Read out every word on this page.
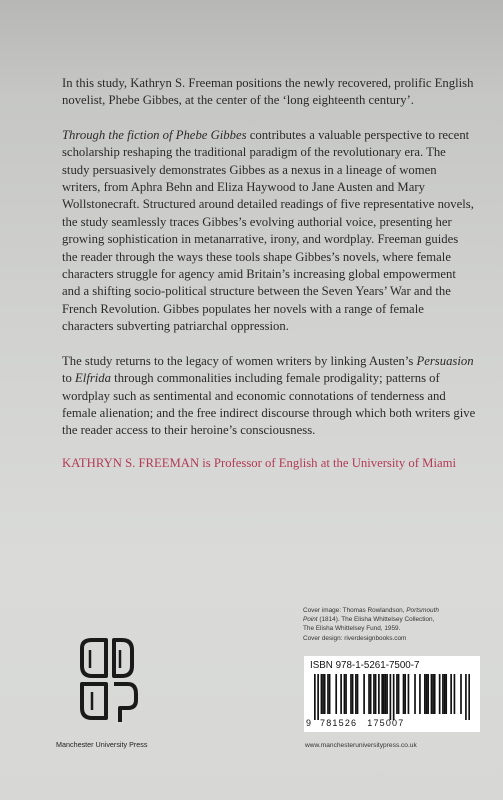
In this study, Kathryn S. Freeman positions the newly recovered, prolific English novelist, Phebe Gibbes, at the center of the ‘long eighteenth century’.

Through the fiction of Phebe Gibbes contributes a valuable perspective to recent scholarship reshaping the traditional paradigm of the revolutionary era. The study persuasively demonstrates Gibbes as a nexus in a lineage of women writers, from Aphra Behn and Eliza Haywood to Jane Austen and Mary Wollstonecraft. Structured around detailed readings of five representative novels, the study seamlessly traces Gibbes’s evolving authorial voice, presenting her growing sophistication in metanarrative, irony, and wordplay. Freeman guides the reader through the ways these tools shape Gibbes’s novels, where female characters struggle for agency amid Britain’s increasing global empowerment and a shifting socio-political structure between the Seven Years’ War and the French Revolution. Gibbes populates her novels with a range of female characters subverting patriarchal oppression.

The study returns to the legacy of women writers by linking Austen’s Persuasion to Elfrida through commonalities including female prodigality; patterns of wordplay such as sentimental and economic connotations of tenderness and female alienation; and the free indirect discourse through which both writers give the reader access to their heroine’s consciousness.

KATHRYN S. FREEMAN is Professor of English at the University of Miami

Cover image: Thomas Rowlandson, Portsmouth
Point (1814). The Elisha Whittelsey Collection,
The Elisha Whittelsey Fund, 1959.
Cover design: riverdesignbooks.com
Manchester University Press
ISBN 978-1-5261-7500-7
9 781526 175007
www.manchesteruniversitypress.co.uk
